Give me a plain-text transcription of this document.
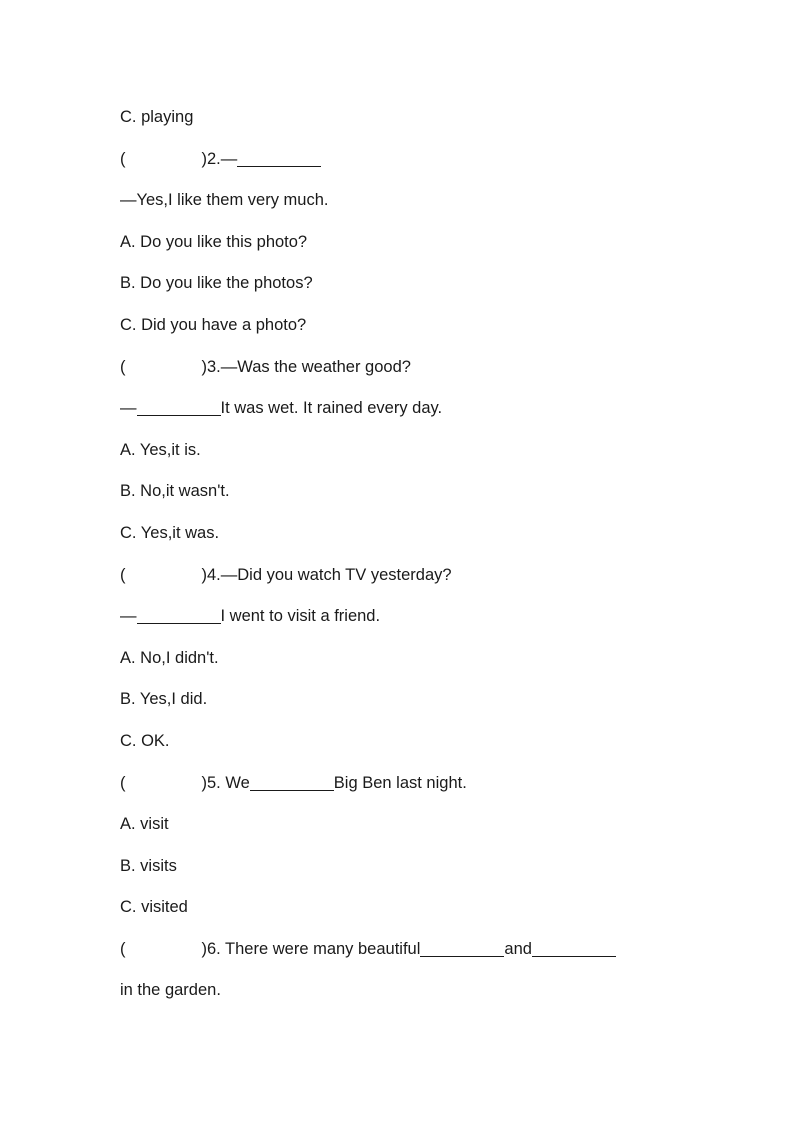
C. playing
(	)2.—
—Yes,I like them very much.
A. Do you like this photo?
B. Do you like the photos?
C. Did you have a photo?
(	)3.—Was the weather good?
—	It was wet. It rained every day.
A. Yes,it is.
B. No,it wasn't.
C. Yes,it was.
(	)4.—Did you watch TV yesterday?
—	I went to visit a friend.
A. No,I didn't.
B. Yes,I did.
C. OK.
(	)5. We	Big Ben last night.
A. visit
B. visits
C. visited
(	)6. There were many beautiful	and
in the garden.
